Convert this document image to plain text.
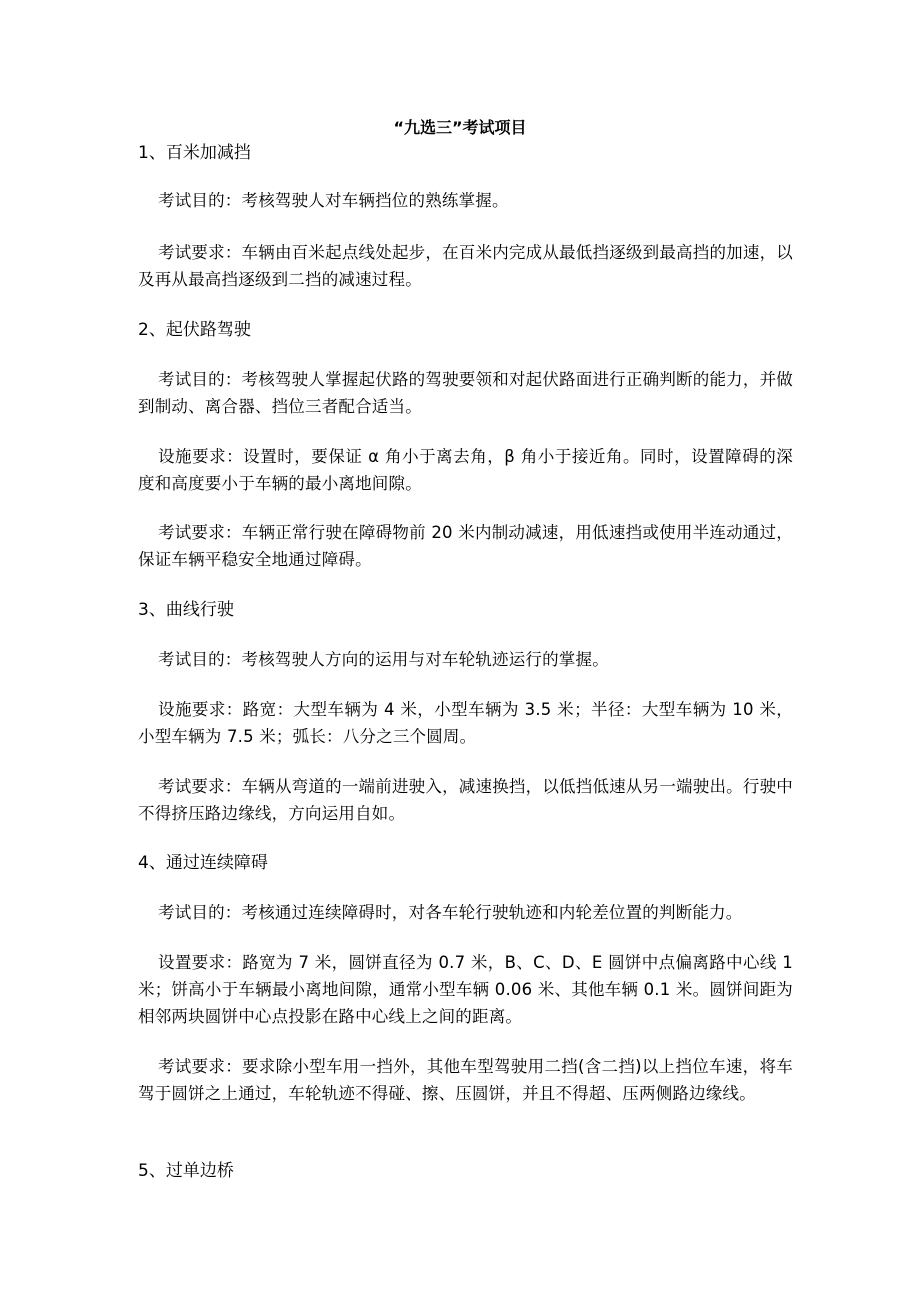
“九选三”考试项目
1、百米加减挡
考试目的：考核驾驶人对车辆挡位的熟练掌握。
考试要求：车辆由百米起点线处起步，在百米内完成从最低挡逐级到最高挡的加速，以及再从最高挡逐级到二挡的减速过程。
2、起伏路驾驶
考试目的：考核驾驶人掌握起伏路的驾驶要领和对起伏路面进行正确判断的能力，并做到制动、离合器、挡位三者配合适当。
设施要求：设置时，要保证 α 角小于离去角，β 角小于接近角。同时，设置障碍的深度和高度要小于车辆的最小离地间隙。
考试要求：车辆正常行驶在障碍物前 20 米内制动减速，用低速挡或使用半连动通过，保证车辆平稳安全地通过障碍。
3、曲线行驶
考试目的：考核驾驶人方向的运用与对车轮轨迹运行的掌握。
设施要求：路宽：大型车辆为 4 米，小型车辆为 3.5 米；半径：大型车辆为 10 米，小型车辆为 7.5 米；弧长：八分之三个圆周。
考试要求：车辆从弯道的一端前进驶入，减速换挡，以低挡低速从另一端驶出。行驶中不得挤压路边缘线，方向运用自如。
4、通过连续障碍
考试目的：考核通过连续障碍时，对各车轮行驶轨迹和内轮差位置的判断能力。
设置要求：路宽为 7 米，圆饼直径为 0.7 米，B、C、D、E 圆饼中点偏离路中心线 1 米；饼高小于车辆最小离地间隙，通常小型车辆 0.06 米、其他车辆 0.1 米。圆饼间距为相邻两块圆饼中心点投影在路中心线上之间的距离。
考试要求：要求除小型车用一挡外，其他车型驾驶用二挡(含二挡)以上挡位车速，将车驾于圆饼之上通过，车轮轨迹不得碰、擦、压圆饼，并且不得超、压两侧路边缘线。
5、过单边桥
